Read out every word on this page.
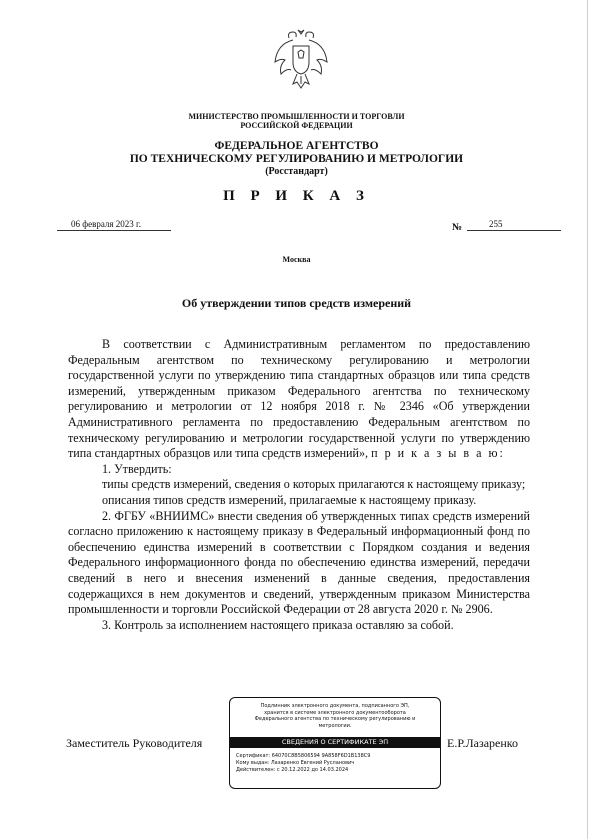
МИНИСТЕРСТВО ПРОМЫШЛЕННОСТИ И ТОРГОВЛИ
РОССИЙСКОЙ ФЕДЕРАЦИИ
ФЕДЕРАЛЬНОЕ АГЕНТСТВО
ПО ТЕХНИЧЕСКОМУ РЕГУЛИРОВАНИЮ И МЕТРОЛОГИИ
(Росстандарт)
П Р И К А З
06 февраля 2023 г.	№	255
Москва
Об утверждении типов средств измерений
В соответствии с Административным регламентом по предоставлению Федеральным агентством по техническому регулированию и метрологии государственной услуги по утверждению типа стандартных образцов или типа средств измерений, утвержденным приказом Федерального агентства по техническому регулированию и метрологии от 12 ноября 2018 г. № 2346 «Об утверждении Административного регламента по предоставлению Федеральным агентством по техническому регулированию и метрологии государственной услуги по утверждению типа стандартных образцов или типа средств измерений», п р и к а з ы в а ю:
1. Утвердить:
типы средств измерений, сведения о которых прилагаются к настоящему приказу;
описания типов средств измерений, прилагаемые к настоящему приказу.
2. ФГБУ «ВНИИМС» внести сведения об утвержденных типах средств измерений согласно приложению к настоящему приказу в Федеральный информационный фонд по обеспечению единства измерений в соответствии с Порядком создания и ведения Федерального информационного фонда по обеспечению единства измерений, передачи сведений в него и внесения изменений в данные сведения, предоставления содержащихся в нем документов и сведений, утвержденным приказом Министерства промышленности и торговли Российской Федерации от 28 августа 2020 г. № 2906.
3. Контроль за исполнением настоящего приказа оставляю за собой.
Заместитель Руководителя	Е.Р.Лазаренко
Подлинник электронного документа, подписанного ЭП,
хранится в системе электронного документооборота
Федерального агентства по техническому регулированию и
метрологии.
СВЕДЕНИЯ О СЕРТИФИКАТЕ ЭП
Сертификат: 64070C8B5806594 9A858F6D1B138C9
Кому выдан: Лазаренко Евгений Русланович
Действителен: с 20.12.2022 до 14.03.2024
